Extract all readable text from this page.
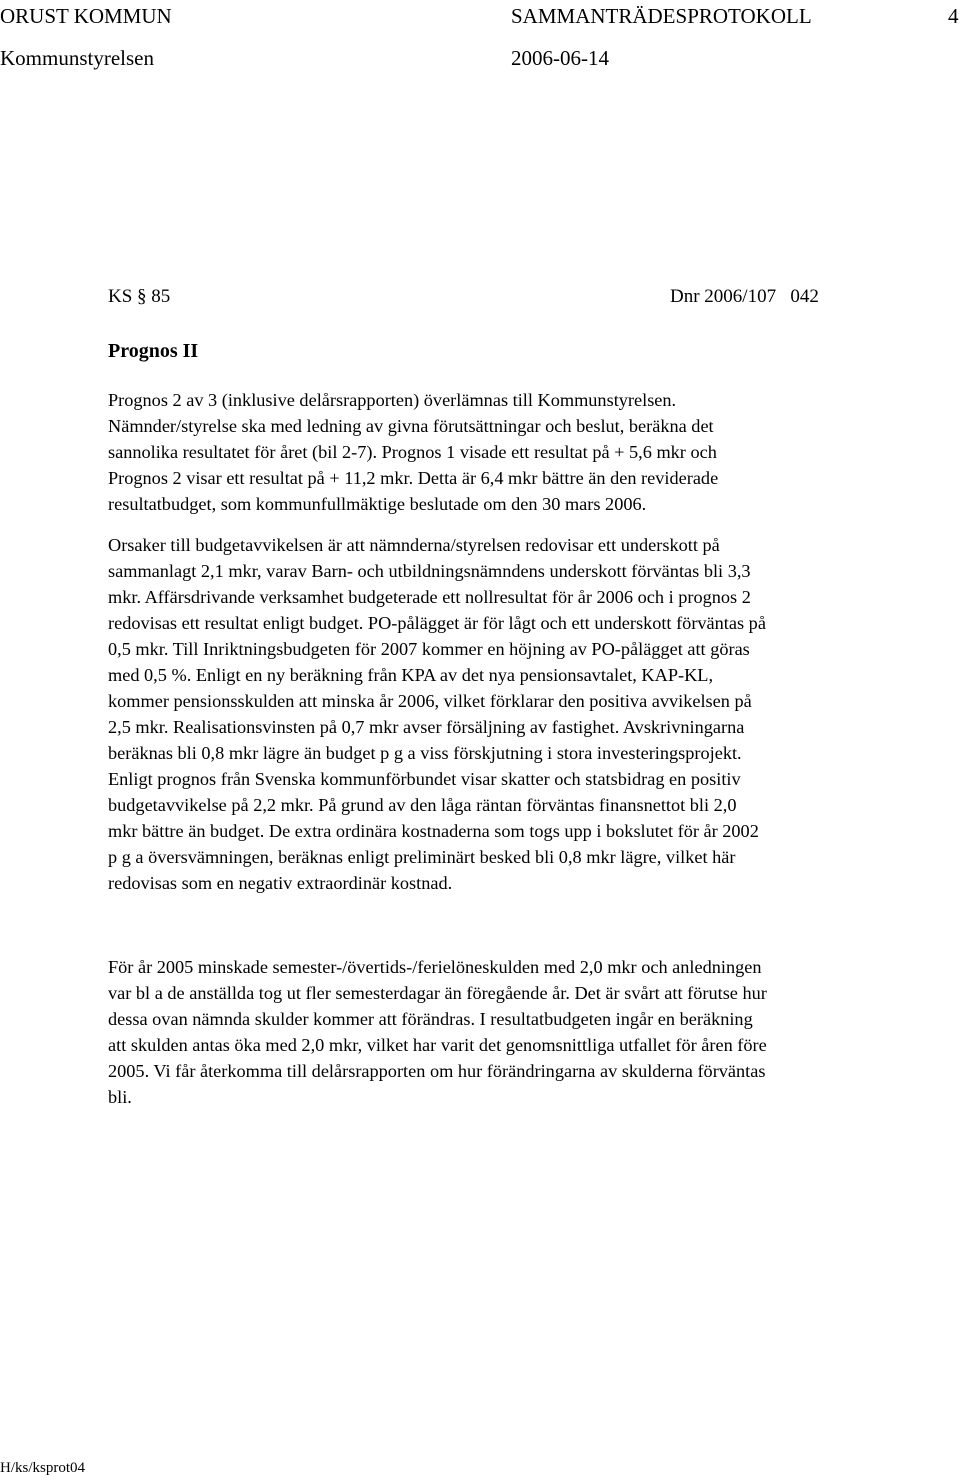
ORUST KOMMUN	SAMMANTRÄDESPROTOKOLL	4
Kommunstyrelsen	2006-06-14
KS § 85	Dnr 2006/107   042
Prognos II
Prognos 2 av 3 (inklusive delårsrapporten) överlämnas till Kommunstyrelsen.
Nämnder/styrelse ska med ledning av givna förutsättningar och beslut, beräkna det
sannolika resultatet för året (bil 2-7). Prognos 1 visade ett resultat på + 5,6 mkr och
Prognos 2 visar ett resultat på + 11,2 mkr. Detta är 6,4 mkr bättre än den reviderade
resultatbudget, som kommunfullmäktige beslutade om den 30 mars 2006.
Orsaker till budgetavvikelsen är att nämnderna/styrelsen redovisar ett underskott på
sammanlagt 2,1 mkr, varav Barn- och utbildningsnämndens underskott förväntas bli 3,3
mkr. Affärsdrivande verksamhet budgeterade ett nollresultat för år 2006 och i prognos 2
redovisas ett resultat enligt budget. PO-pålägget är för lågt och ett underskott förväntas på
0,5 mkr. Till Inriktningsbudgeten för 2007 kommer en höjning av PO-pålägget att göras
med 0,5 %. Enligt en ny beräkning från KPA av det nya pensionsavtalet, KAP-KL,
kommer pensionsskulden att minska år 2006, vilket förklarar den positiva avvikelsen på
2,5 mkr. Realisationsvinsten på 0,7 mkr avser försäljning av fastighet. Avskrivningarna
beräknas bli 0,8 mkr lägre än budget p g a viss förskjutning i stora investeringsprojekt.
Enligt prognos från Svenska kommunförbundet visar skatter och statsbidrag en positiv
budgetavvikelse på 2,2 mkr. På grund av den låga räntan förväntas finansnettot bli 2,0
mkr bättre än budget. De extra ordinära kostnaderna som togs upp i bokslutet för år 2002
p g a översvämningen, beräknas enligt preliminärt besked bli 0,8 mkr lägre, vilket här
redovisas som en negativ extraordinär kostnad.
För år 2005 minskade semester-/övertids-/ferielöneskulden med 2,0 mkr och anledningen
var bl a de anställda tog ut fler semesterdagar än föregående år. Det är svårt att förutse hur
dessa ovan nämnda skulder kommer att förändras. I resultatbudgeten ingår en beräkning
att skulden antas öka med 2,0 mkr, vilket har varit det genomsnittliga utfallet för åren före
2005. Vi får återkomma till delårsrapporten om hur förändringarna av skulderna förväntas
bli.
H/ks/ksprot04
